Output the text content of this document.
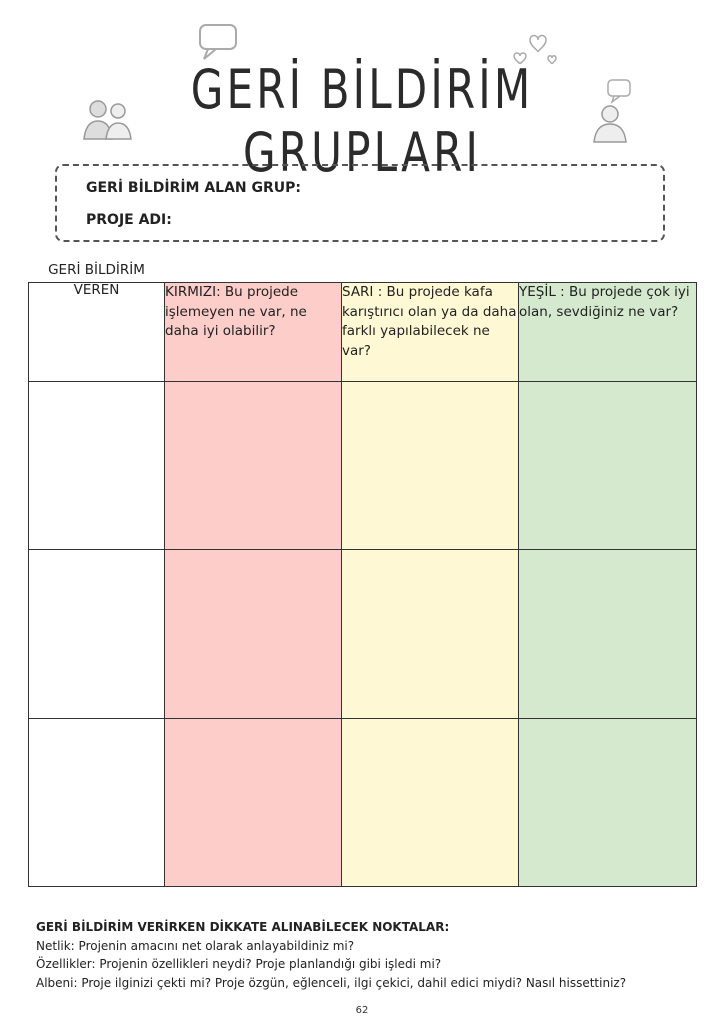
GERİ BİLDİRİM GRUPLARI
GERİ BİLDİRİM ALAN GRUP:
PROJE ADI:
GERİ BİLDİRİM VEREN	KIRMIZI: Bu projede işlemeyen ne var, ne daha iyi olabilir?	SARI : Bu projede kafa karıştırıcı olan ya da daha farklı yapılabilecek ne var?	YEŞİL : Bu projede çok iyi olan, sevdiğiniz ne var?

GERİ BİLDİRİM VERİRKEN DİKKATE ALINABİLECEK NOKTALAR:
Netlik: Projenin amacını net olarak anlayabildiniz mi?
Özellikler: Projenin özellikleri neydi? Proje planlandığı gibi işledi mi?
Albeni: Proje ilginizi çekti mi? Proje özgün, eğlenceli, ilgi çekici, dahil edici miydi? Nasıl hissettiniz?
62
